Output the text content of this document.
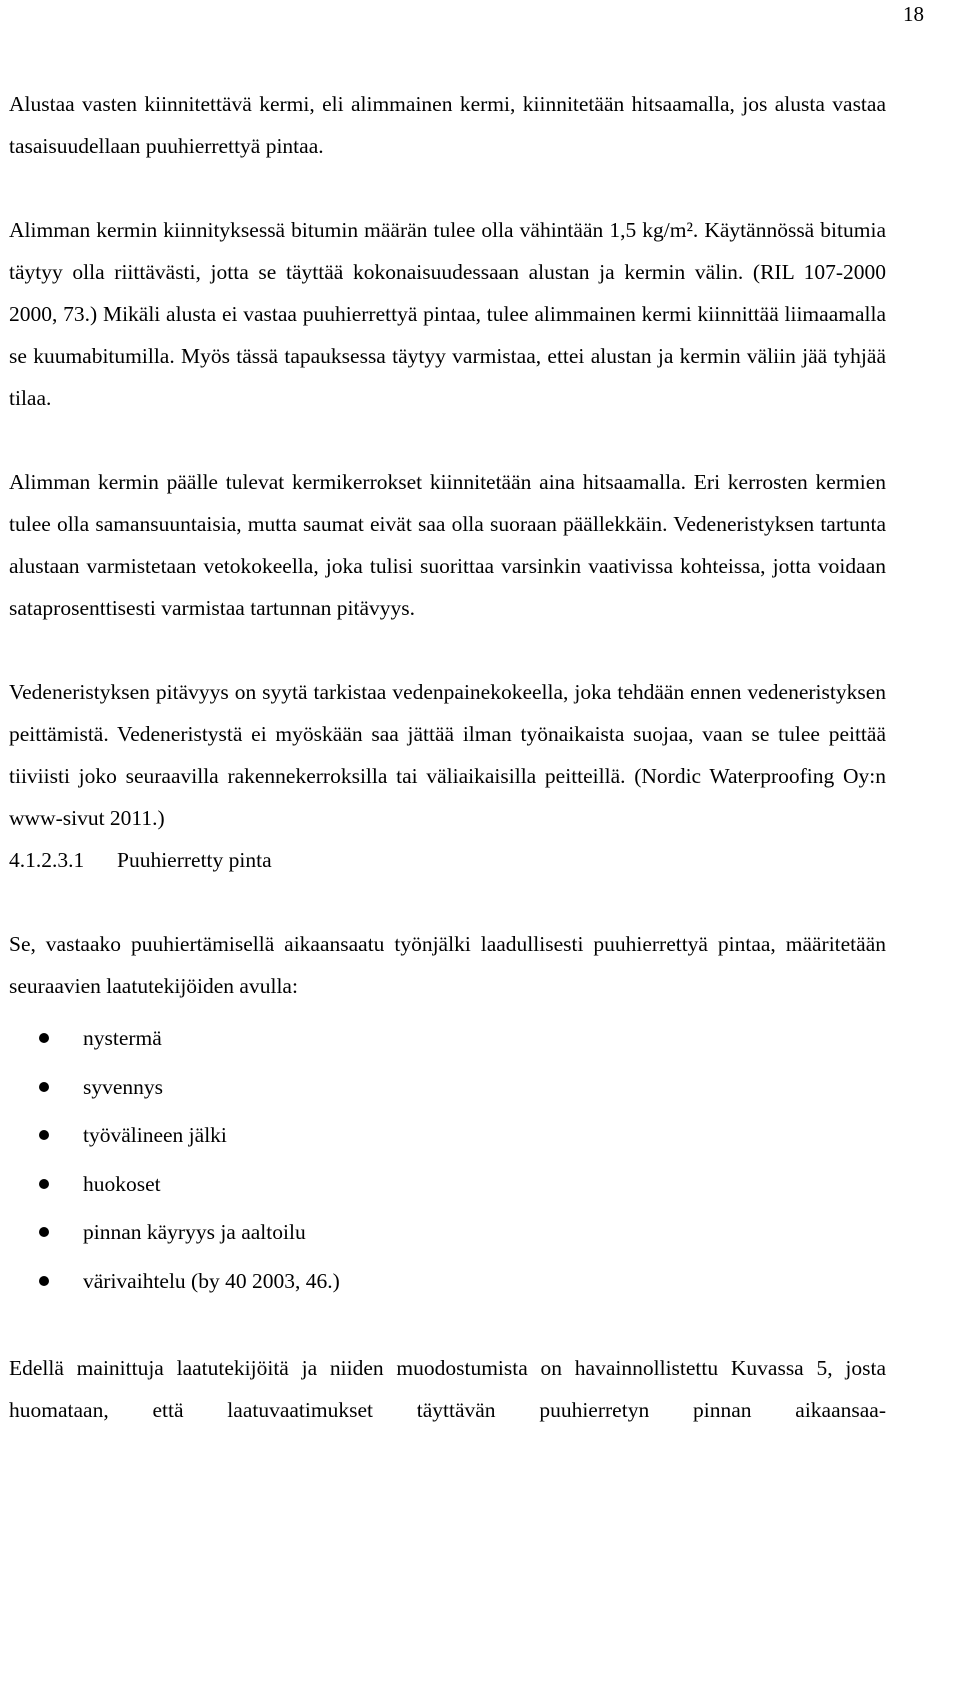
18

Alustaa vasten kiinnitettävä kermi, eli alimmainen kermi, kiinnitetään hitsaamalla, jos alusta vastaa tasaisuudellaan puuhierrettyä pintaa.

Alimman kermin kiinnityksessä bitumin määrän tulee olla vähintään 1,5 kg/m². Käytännössä bitumia täytyy olla riittävästi, jotta se täyttää kokonaisuudessaan alustan ja kermin välin. (RIL 107-2000 2000, 73.) Mikäli alusta ei vastaa puuhierrettyä pintaa, tulee alimmainen kermi kiinnittää liimaamalla se kuumabitumilla. Myös tässä tapauksessa täytyy varmistaa, ettei alustan ja kermin väliin jää tyhjää tilaa.

Alimman kermin päälle tulevat kermikerrokset kiinnitetään aina hitsaamalla. Eri kerrosten kermien tulee olla samansuuntaisia, mutta saumat eivät saa olla suoraan päällekkäin. Vedeneristyksen tartunta alustaan varmistetaan vetokokeella, joka tulisi suorittaa varsinkin vaativissa kohteissa, jotta voidaan sataprosenttisesti varmistaa tartunnan pitävyys.

Vedeneristyksen pitävyys on syytä tarkistaa vedenpainekokeella, joka tehdään ennen vedeneristyksen peittämistä. Vedeneristystä ei myöskään saa jättää ilman työnaikaista suojaa, vaan se tulee peittää tiiviisti joko seuraavilla rakennekerroksilla tai väliaikaisilla peitteillä. (Nordic Waterproofing Oy:n www-sivut 2011.)

4.1.2.3.1 Puuhierretty pinta

Se, vastaako puuhiertämisellä aikaansaatu työnjälki laadullisesti puuhierrettyä pintaa, määritetään seuraavien laatutekijöiden avulla:

nystermä
syvennys
työvälineen jälki
huokoset
pinnan käyryys ja aaltoilu
värivaihtelu (by 40 2003, 46.)

Edellä mainittuja laatutekijöitä ja niiden muodostumista on havainnollistettu Kuvassa 5, josta huomataan, että laatuvaatimukset täyttävän puuhierretyn pinnan aikaansaa-
